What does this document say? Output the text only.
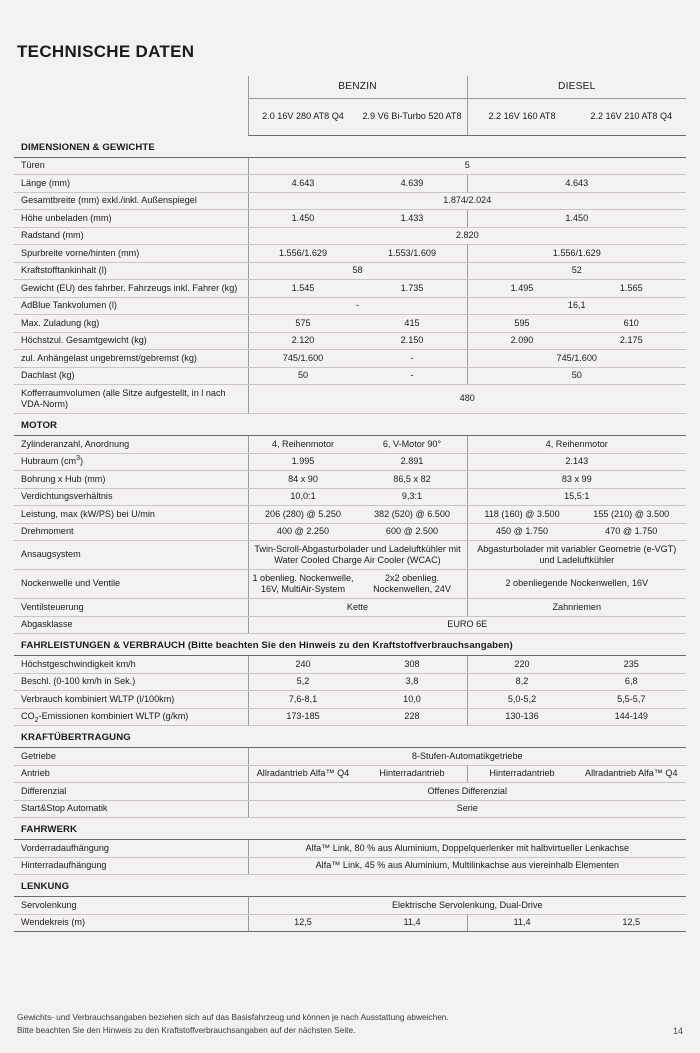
TECHNISCHE DATEN
	BENZIN		DIESEL	
	2.0 16V 280 AT8 Q4	2.9 V6 Bi-Turbo 520 AT8	2.2 16V 160 AT8	2.2 16V 210 AT8 Q4
DIMENSIONEN & GEWICHTE				
Türen	5			
Länge (mm)	4.643	4.639	4.643	
Gesamtbreite (mm) exkl./inkl. Außenspiegel	1.874/2.024			
Höhe unbeladen (mm)	1.450	1.433	1.450	
Radstand (mm)	2.820			
Spurbreite vorne/hinten (mm)	1.556/1.629	1.553/1.609	1.556/1.629	
Kraftstofftankinhalt (l)	58		52	
Gewicht (EU) des fahrber. Fahrzeugs inkl. Fahrer (kg)	1.545	1.735	1.495	1.565
AdBlue Tankvolumen (l)	-		16,1	
Max. Zuladung (kg)	575	415	595	610
Höchstzul. Gesamtgewicht (kg)	2.120	2.150	2.090	2.175
zul. Anhängelast ungebremst/gebremst (kg)	745/1.600	-	745/1.600	
Dachlast (kg)	50	-	50	
Kofferraumvolumen (alle Sitze aufgestellt, in l nach VDA-Norm)	480			
MOTOR				
Zylinderanzahl, Anordnung	4, Reihenmotor	6, V-Motor 90°	4, Reihenmotor	
Hubraum $(cm^3)$	1.995	2.891	2.143	
Bohrung x Hub (mm)	84 x 90	86,5 x 82	83 x 99	
Verdichtungsverhältnis	10,0:1	9,3:1	15,5:1	
Leistung, max (kW/PS) bei U/min	206 (280) @ 5.250	382 (520) @ 6.500	118 (160) @ 3.500	155 (210) @ 3.500
Drehmoment	400 @ 2.250	600 @ 2.500	450 @ 1.750	470 @ 1.750
Ansaugsystem	Twin-Scroll-Abgasturbolader und Ladeluftkühler mit Water Cooled Charge Air Cooler (WCAC)		Abgasturbolader mit variabler Geometrie (e-VGT) und Ladeluftkühler	
Nockenwelle und Ventile	1 obenlieg. Nockenwelle, 16V, MultiAir-System	2x2 obenlieg. Nockenwellen, 24V	2 obenliegende Nockenwellen, 16V	
Ventilsteuerung	Kette		Zahnriemen	
Abgasklasse	EURO 6E			
FAHRLEISTUNGEN & VERBRAUCH (Bitte beachten Sie den Hinweis zu den Kraftstoffverbrauchsangaben)				
Höchstgeschwindigkeit km/h	240	308	220	235
Beschl. (0-100 km/h in Sek.)	5,2	3,8	8,2	6,8
Verbrauch kombiniert WLTP (l/100km)	7,6-8,1	10,0	5,0-5,2	5,5-5,7
$CO_2$-Emissionen kombiniert WLTP (g/km)	173-185	228	130-136	144-149
KRAFTÜBERTRAGUNG				
Getriebe	8-Stufen-Automatikgetriebe			
Antrieb	Allradantrieb Alfa™ Q4	Hinterradantrieb	Hinterradantrieb	Allradantrieb Alfa™ Q4
Differenzial	Offenes Differenzial			
Start&Stop Automatik	Serie			
FAHRWERK				
Vorderradaufhängung	Alfa™ Link, 80 % aus Aluminium, Doppelquerlenker mit halbvirtueller Lenkachse			
Hinterradaufhängung	Alfa™ Link, 45 % aus Aluminium, Multilinkachse aus viereinhalb Elementen			
LENKUNG				
Servolenkung	Elektrische Servolenkung, Dual-Drive			
Wendekreis (m)	12,5	11,4	11,4	12,5
Gewichts- und Verbrauchsangaben beziehen sich auf das Basisfahrzeug und können je nach Ausstattung abweichen.
Bitte beachten Sie den Hinweis zu den Kraftstoffverbrauchsangaben auf der nächsten Seite.	14
